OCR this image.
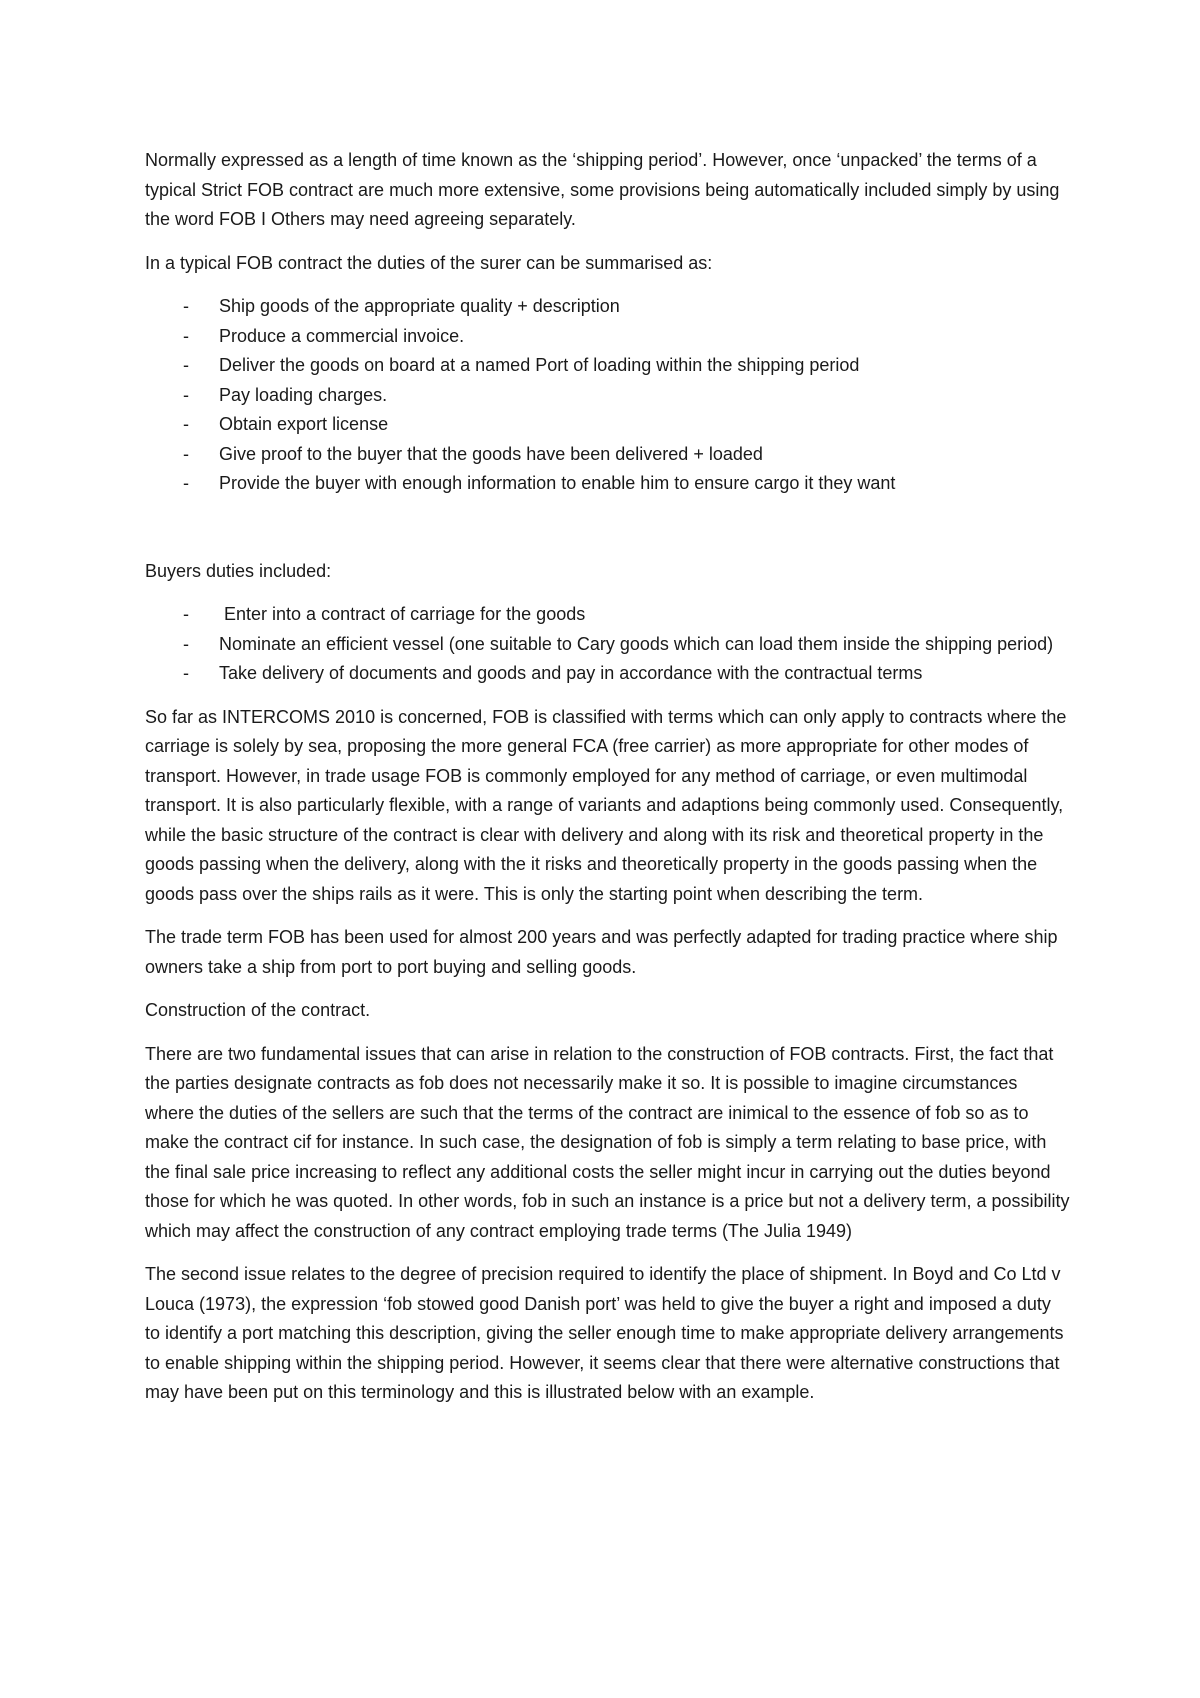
Normally expressed as a length of time known as the ‘shipping period’. However, once ‘unpacked’ the terms of a typical Strict FOB contract are much more extensive, some provisions being automatically included simply by using the word FOB I Others may need agreeing separately.

In a typical FOB contract the duties of the surer can be summarised as:

- Ship goods of the appropriate quality + description
- Produce a commercial invoice.
- Deliver the goods on board at a named Port of loading within the shipping period
- Pay loading charges.
- Obtain export license
- Give proof to the buyer that the goods have been delivered + loaded
- Provide the buyer with enough information to enable him to ensure cargo it they want

Buyers duties included:

- Enter into a contract of carriage for the goods
- Nominate an efficient vessel (one suitable to Cary goods which can load them inside the shipping period)
- Take delivery of documents and goods and pay in accordance with the contractual terms

So far as INTERCOMS 2010 is concerned, FOB is classified with terms which can only apply to contracts where the carriage is solely by sea, proposing the more general FCA (free carrier) as more appropriate for other modes of transport. However, in trade usage FOB is commonly employed for any method of carriage, or even multimodal transport. It is also particularly flexible, with a range of variants and adaptions being commonly used. Consequently, while the basic structure of the contract is clear with delivery and along with its risk and theoretical property in the goods passing when the delivery, along with the it risks and theoretically property in the goods passing when the goods pass over the ships rails as it were. This is only the starting point when describing the term.

The trade term FOB has been used for almost 200 years and was perfectly adapted for trading practice where ship owners take a ship from port to port buying and selling goods.

Construction of the contract.

There are two fundamental issues that can arise in relation to the construction of FOB contracts. First, the fact that the parties designate contracts as fob does not necessarily make it so. It is possible to imagine circumstances where the duties of the sellers are such that the terms of the contract are inimical to the essence of fob so as to make the contract cif for instance. In such case, the designation of fob is simply a term relating to base price, with the final sale price increasing to reflect any additional costs the seller might incur in carrying out the duties beyond those for which he was quoted. In other words, fob in such an instance is a price but not a delivery term, a possibility which may affect the construction of any contract employing trade terms (The Julia 1949)

The second issue relates to the degree of precision required to identify the place of shipment. In Boyd and Co Ltd v Louca (1973), the expression ‘fob stowed good Danish port’ was held to give the buyer a right and imposed a duty to identify a port matching this description, giving the seller enough time to make appropriate delivery arrangements to enable shipping within the shipping period. However, it seems clear that there were alternative constructions that may have been put on this terminology and this is illustrated below with an example.
